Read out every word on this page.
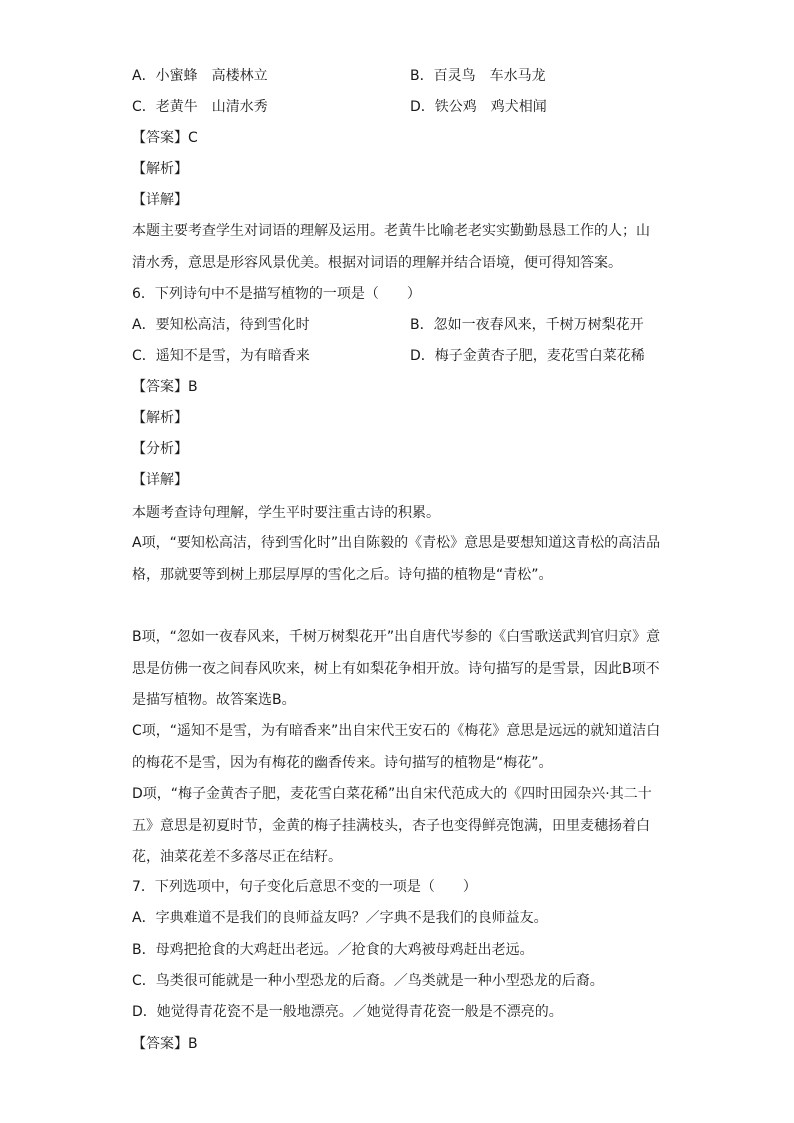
A．小蜜蜂　高楼林立	B．百灵鸟　车水马龙
C．老黄牛　山清水秀	D．铁公鸡　鸡犬相闻
【答案】C
【解析】
【详解】
本题主要考查学生对词语的理解及运用。老黄牛比喻老老实实勤勤恳恳工作的人；山清水秀，意思是形容风景优美。根据对词语的理解并结合语境，便可得知答案。
6．下列诗句中不是描写植物的一项是（　　）
A．要知松高洁，待到雪化时	B．忽如一夜春风来，千树万树梨花开
C．遥知不是雪，为有暗香来	D．梅子金黄杏子肥，麦花雪白菜花稀
【答案】B
【解析】
【分析】
【详解】
本题考查诗句理解，学生平时要注重古诗的积累。
A项，“要知松高洁，待到雪化时”出自陈毅的《青松》意思是要想知道这青松的高洁品格，那就要等到树上那层厚厚的雪化之后。诗句描的植物是“青松”。
B项，“忽如一夜春风来，千树万树梨花开”出自唐代岑参的《白雪歌送武判官归京》意思是仿佛一夜之间春风吹来，树上有如梨花争相开放。诗句描写的是雪景，因此B项不是描写植物。故答案选B。
C项，“遥知不是雪，为有暗香来”出自宋代王安石的《梅花》意思是远远的就知道洁白的梅花不是雪，因为有梅花的幽香传来。诗句描写的植物是“梅花”。
D项，“梅子金黄杏子肥，麦花雪白菜花稀”出自宋代范成大的《四时田园杂兴·其二十五》意思是初夏时节，金黄的梅子挂满枝头，杏子也变得鲜亮饱满，田里麦穗扬着白花，油菜花差不多落尽正在结籽。
7．下列选项中，句子变化后意思不变的一项是（　　）
A．字典难道不是我们的良师益友吗？／字典不是我们的良师益友。
B．母鸡把抢食的大鸡赶出老远。／抢食的大鸡被母鸡赶出老远。
C．鸟类很可能就是一种小型恐龙的后裔。／鸟类就是一种小型恐龙的后裔。
D．她觉得青花瓷不是一般地漂亮。／她觉得青花瓷一般是不漂亮的。
【答案】B
